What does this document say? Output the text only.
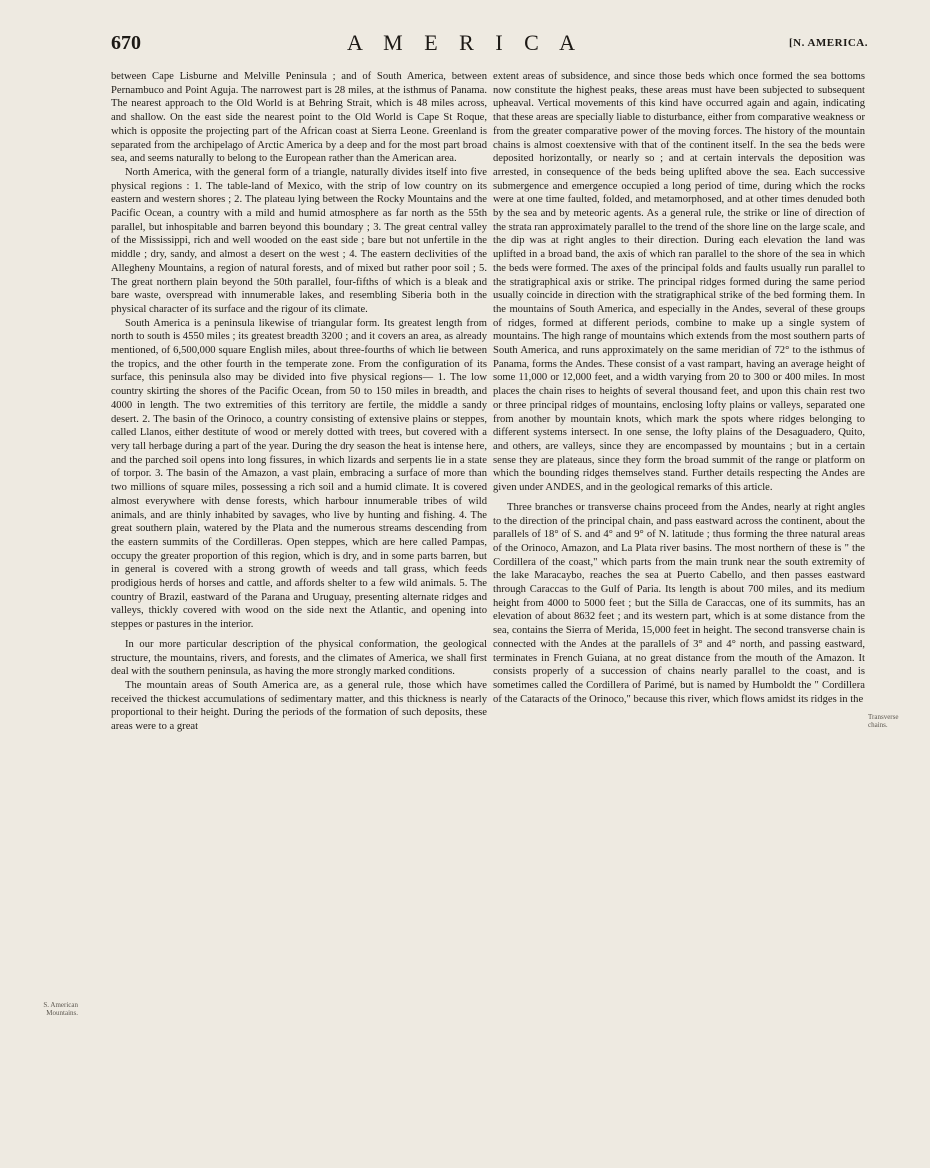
670	A M E R I C A	[N. AMERICA.

between Cape Lisburne and Melville Peninsula ; and of South America, between Pernambuco and Point Aguja. The narrowest part is 28 miles, at the isthmus of Panama. The nearest approach to the Old World is at Behring Strait, which is 48 miles across, and shallow. On the east side the nearest point to the Old World is Cape St Roque, which is opposite the projecting part of the African coast at Sierra Leone. Greenland is separated from the archipelago of Arctic America by a deep and for the most part broad sea, and seems naturally to belong to the European rather than the American area.

North America, with the general form of a triangle, naturally divides itself into five physical regions : 1. The table-land of Mexico, with the strip of low country on its eastern and western shores ; 2. The plateau lying between the Rocky Mountains and the Pacific Ocean, a country with a mild and humid atmosphere as far north as the 55th parallel, but inhospitable and barren beyond this boundary ; 3. The great central valley of the Mississippi, rich and well wooded on the east side ; bare but not unfertile in the middle ; dry, sandy, and almost a desert on the west ; 4. The eastern declivities of the Allegheny Mountains, a region of natural forests, and of mixed but rather poor soil ; 5. The great northern plain beyond the 50th parallel, four-fifths of which is a bleak and bare waste, overspread with innumerable lakes, and resembling Siberia both in the physical character of its surface and the rigour of its climate.

South America is a peninsula likewise of triangular form. Its greatest length from north to south is 4550 miles ; its greatest breadth 3200 ; and it covers an area, as already mentioned, of 6,500,000 square English miles, about three-fourths of which lie between the tropics, and the other fourth in the temperate zone. From the configuration of its surface, this peninsula also may be divided into five physical regions— 1. The low country skirting the shores of the Pacific Ocean, from 50 to 150 miles in breadth, and 4000 in length. The two extremities of this territory are fertile, the middle a sandy desert. 2. The basin of the Orinoco, a country consisting of extensive plains or steppes, called Llanos, either destitute of wood or merely dotted with trees, but covered with a very tall herbage during a part of the year. During the dry season the heat is intense here, and the parched soil opens into long fissures, in which lizards and serpents lie in a state of torpor. 3. The basin of the Amazon, a vast plain, embracing a surface of more than two millions of square miles, possessing a rich soil and a humid climate. It is covered almost everywhere with dense forests, which harbour innumerable tribes of wild animals, and are thinly inhabited by savages, who live by hunting and fishing. 4. The great southern plain, watered by the Plata and the numerous streams descending from the eastern summits of the Cordilleras. Open steppes, which are here called Pampas, occupy the greater proportion of this region, which is dry, and in some parts barren, but in general is covered with a strong growth of weeds and tall grass, which feeds prodigious herds of horses and cattle, and affords shelter to a few wild animals. 5. The country of Brazil, eastward of the Parana and Uruguay, presenting alternate ridges and valleys, thickly covered with wood on the side next the Atlantic, and opening into steppes or pastures in the interior.

In our more particular description of the physical conformation, the geological structure, the mountains, rivers, and forests, and the climates of America, we shall first deal with the southern peninsula, as having the more strongly marked conditions.

The mountain areas of South America are, as a general rule, those which have received the thickest accumulations of sedimentary matter, and this thickness is nearly proportional to their height. During the periods of the formation of such deposits, these areas were to a great

extent areas of subsidence, and since those beds which once formed the sea bottoms now constitute the highest peaks, these areas must have been subjected to subsequent upheaval. Vertical movements of this kind have occurred again and again, indicating that these areas are specially liable to disturbance, either from comparative weakness or from the greater comparative power of the moving forces. The history of the mountain chains is almost coextensive with that of the continent itself. In the sea the beds were deposited horizontally, or nearly so ; and at certain intervals the deposition was arrested, in consequence of the beds being uplifted above the sea. Each successive submergence and emergence occupied a long period of time, during which the rocks were at one time faulted, folded, and metamorphosed, and at other times denuded both by the sea and by meteoric agents. As a general rule, the strike or line of direction of the strata ran approximately parallel to the trend of the shore line on the large scale, and the dip was at right angles to their direction. During each elevation the land was uplifted in a broad band, the axis of which ran parallel to the shore of the sea in which the beds were formed. The axes of the principal folds and faults usually run parallel to the stratigraphical axis or strike. The principal ridges formed during the same period usually coincide in direction with the stratigraphical strike of the bed forming them. In the mountains of South America, and especially in the Andes, several of these groups of ridges, formed at different periods, combine to make up a single system of mountains. The high range of mountains which extends from the most southern parts of South America, and runs approximately on the same meridian of 72° to the isthmus of Panama, forms the Andes. These consist of a vast rampart, having an average height of some 11,000 or 12,000 feet, and a width varying from 20 to 300 or 400 miles. In most places the chain rises to heights of several thousand feet, and upon this chain rest two or three principal ridges of mountains, enclosing lofty plains or valleys, separated one from another by mountain knots, which mark the spots where ridges belonging to different systems intersect. In one sense, the lofty plains of the Desaguadero, Quito, and others, are valleys, since they are encompassed by mountains ; but in a certain sense they are plateaus, since they form the broad summit of the range or platform on which the bounding ridges themselves stand. Further details respecting the Andes are given under ANDES, and in the geological remarks of this article.

Three branches or transverse chains proceed from the Andes, nearly at right angles to the direction of the principal chain, and pass eastward across the continent, about the parallels of 18° of S. and 4° and 9° of N. latitude ; thus forming the three natural areas of the Orinoco, Amazon, and La Plata river basins. The most northern of these is " the Cordillera of the coast," which parts from the main trunk near the south extremity of the lake Maracaybo, reaches the sea at Puerto Cabello, and then passes eastward through Caraccas to the Gulf of Paria. Its length is about 700 miles, and its medium height from 4000 to 5000 feet ; but the Silla de Caraccas, one of its summits, has an elevation of about 8632 feet ; and its western part, which is at some distance from the sea, contains the Sierra of Merida, 15,000 feet in height. The second transverse chain is connected with the Andes at the parallels of 3° and 4° north, and passing eastward, terminates in French Guiana, at no great distance from the mouth of the Amazon. It consists properly of a succession of chains nearly parallel to the coast, and is sometimes called the Cordillera of Parimé, but is named by Humboldt the " Cordillera of the Cataracts of the Orinoco," because this river, which flows amidst its ridges in the

S. American Mountains.
Transverse
chains.
